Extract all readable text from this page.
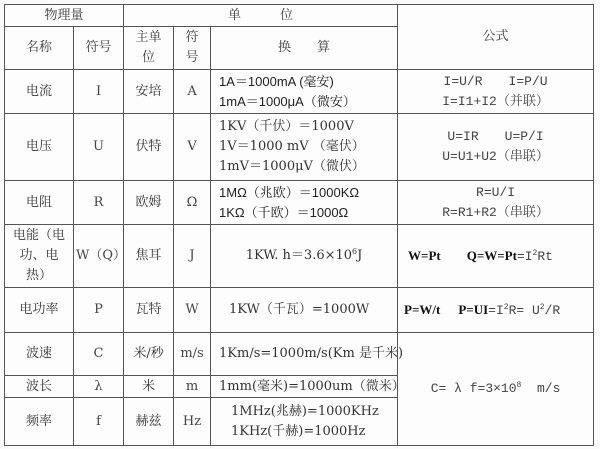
物理量		单　　　位			公式
名称	符号	主单位	符号	换　　算	
电流	I	安培	A	1A＝1000mA (毫安)
1mA＝1000μA（微安）	I=U/R I=P/U
I=I1+I2（并联）

电压	U	伏特	V	1KV（千伏）＝1000V
1V＝1000 mV （毫伏）
1mV＝1000μV（微伏）	U=IR U=P/I
U=U1+U2（串联）

电阻	R	欧姆	Ω	1MΩ（兆欧）＝1000KΩ
1KΩ（千欧）＝1000Ω	R=U/I
R=R1+R2（串联）

电能（电功、电热）	W（Q）	焦耳	J	1KW. $h=3.6\times 10^6J$	W=Pt $Q=W=Pt=I^2Rt$

电功率	P	瓦特	W	1KW（千瓦）=1000W	P=W/t $P=UI=I^2R= U^2/R$

波速	C	米/秒	m/s	1Km/s=1000m/s(Km 是千米)	C= λ $f=3\times 10^8$  m/s
波长	λ	米	m	1mm(毫米)=1000um（微米）	

频率	f	赫兹	Hz	1MHz(兆赫)=1000KHz
1KHz(千赫)=1000Hz	
